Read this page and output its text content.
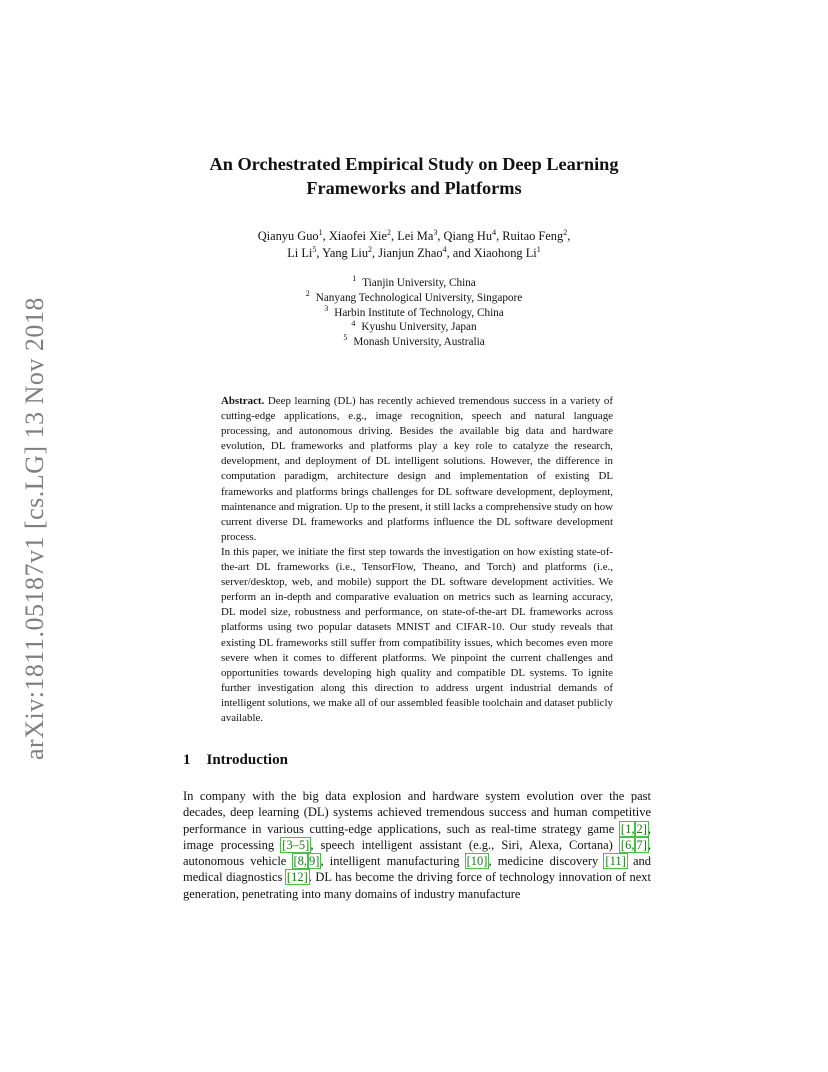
arXiv:1811.05187v1 [cs.LG] 13 Nov 2018
An Orchestrated Empirical Study on Deep Learning
Frameworks and Platforms
Qianyu Guo$^1$, Xiaofei Xie$^2$, Lei Ma$^3$, Qiang Hu$^4$, Ruitao Feng$^2$,
Li Li$^5$, Yang Liu$^2$, Jianjun Zhao$^4$, and Xiaohong Li$^1$
$^1$ Tianjin University, China
$^2$ Nanyang Technological University, Singapore
$^3$ Harbin Institute of Technology, China
$^4$ Kyushu University, Japan
$^5$ Monash University, Australia

Abstract. Deep learning (DL) has recently achieved tremendous success in a variety of cutting-edge applications, e.g., image recognition, speech and natural language processing, and autonomous driving. Besides the available big data and hardware evolution, DL frameworks and platforms play a key role to catalyze the research, development, and deployment of DL intelligent solutions. However, the difference in computation paradigm, architecture design and implementation of existing DL frameworks and platforms brings challenges for DL software development, deployment, maintenance and migration. Up to the present, it still lacks a comprehensive study on how current diverse DL frameworks and platforms influence the DL software development process.

In this paper, we initiate the first step towards the investigation on how existing state-of-the-art DL frameworks (i.e., TensorFlow, Theano, and Torch) and platforms (i.e., server/desktop, web, and mobile) support the DL software development activities. We perform an in-depth and comparative evaluation on metrics such as learning accuracy, DL model size, robustness and performance, on state-of-the-art DL frameworks across platforms using two popular datasets MNIST and CIFAR-10. Our study reveals that existing DL frameworks still suffer from compatibility issues, which becomes even more severe when it comes to different platforms. We pinpoint the current challenges and opportunities towards developing high quality and compatible DL systems. To ignite further investigation along this direction to address urgent industrial demands of intelligent solutions, we make all of our assembled feasible toolchain and dataset publicly available.

1 Introduction

In company with the big data explosion and hardware system evolution over the past decades, deep learning (DL) systems achieved tremendous success and human competitive performance in various cutting-edge applications, such as real-time strategy game [1, 2], image processing [3–5], speech intelligent assistant (e.g., Siri, Alexa, Cortana) [6, 7], autonomous vehicle [8, 9], intelligent manufacturing [10], medicine discovery [11] and medical diagnostics [12]. DL has become the driving force of technology innovation of next generation, penetrating into many domains of industry manufacture
